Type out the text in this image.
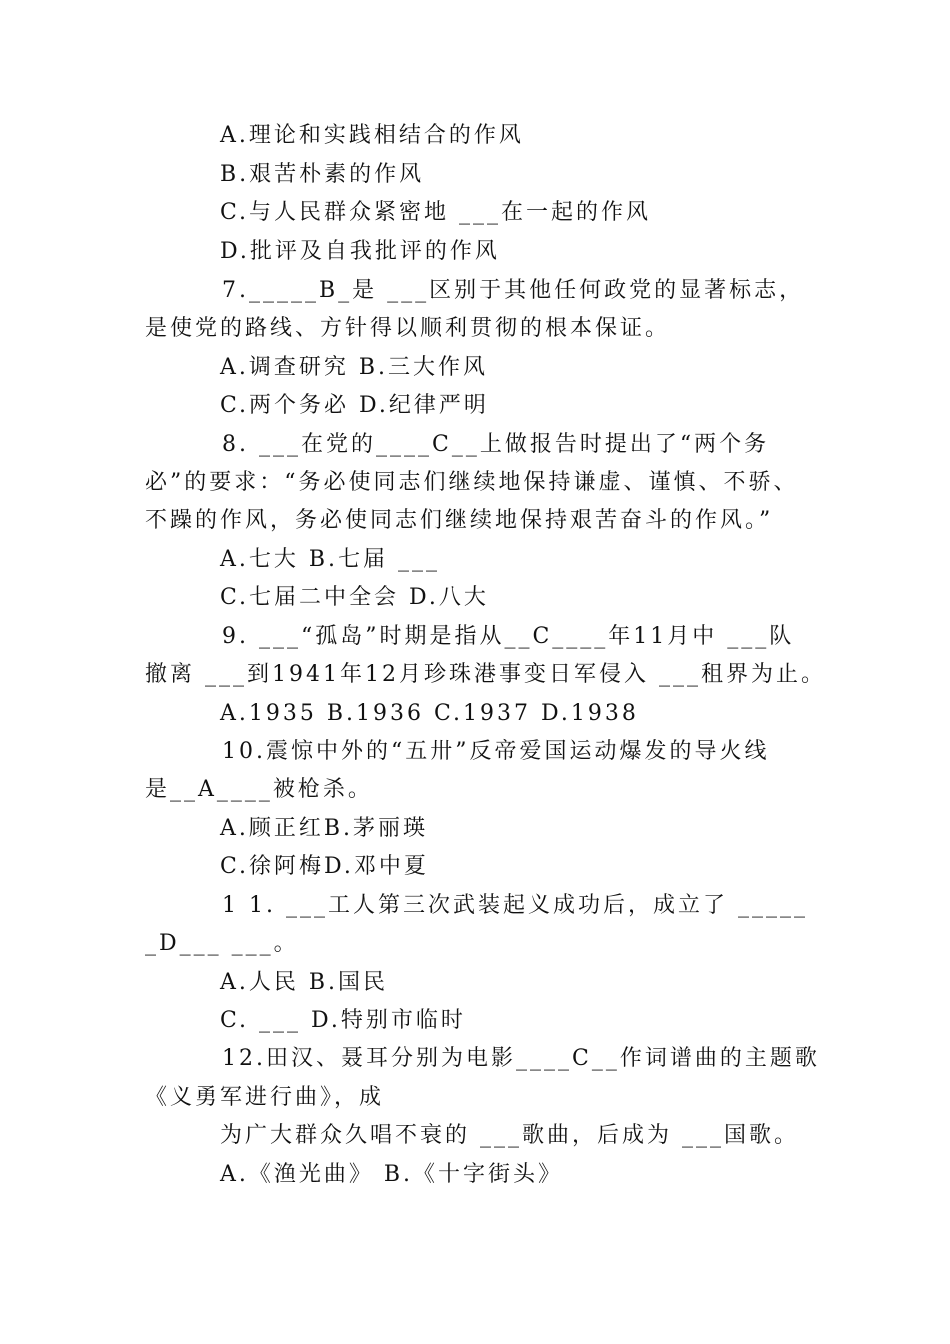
A.理论和实践相结合的作风
B.艰苦朴素的作风
C.与人民群众紧密地 ___在一起的作风
D.批评及自我批评的作风
7._____B_是 ___区别于其他任何政党的显著标志，
是使党的路线、方针得以顺利贯彻的根本保证。
A.调查研究 B.三大作风
C.两个务必 D.纪律严明
8. ___在党的____C__上做报告时提出了“两个务
必”的要求：“务必使同志们继续地保持谦虚、谨慎、不骄、
不躁的作风，务必使同志们继续地保持艰苦奋斗的作风。”
A.七大 B.七届 ___
C.七届二中全会 D.八大
9. ___“孤岛”时期是指从__C____年11月中 ___队
撤离 ___到1941年12月珍珠港事变日军侵入 ___租界为止。
A.1935 B.1936 C.1937 D.1938
10.震惊中外的“五卅”反帝爱国运动爆发的导火线
是__A____被枪杀。
A.顾正红B.茅丽瑛
C.徐阿梅D.邓中夏
1 1. ___工人第三次武装起义成功后，成立了 _____
_D___ ___。
A.人民 B.国民
C. ___ D.特别市临时
12.田汉、聂耳分别为电影____C__作词谱曲的主题歌
《义勇军进行曲》，成
为广大群众久唱不衰的 ___歌曲，后成为 ___国歌。
A.《渔光曲》 B.《十字街头》
